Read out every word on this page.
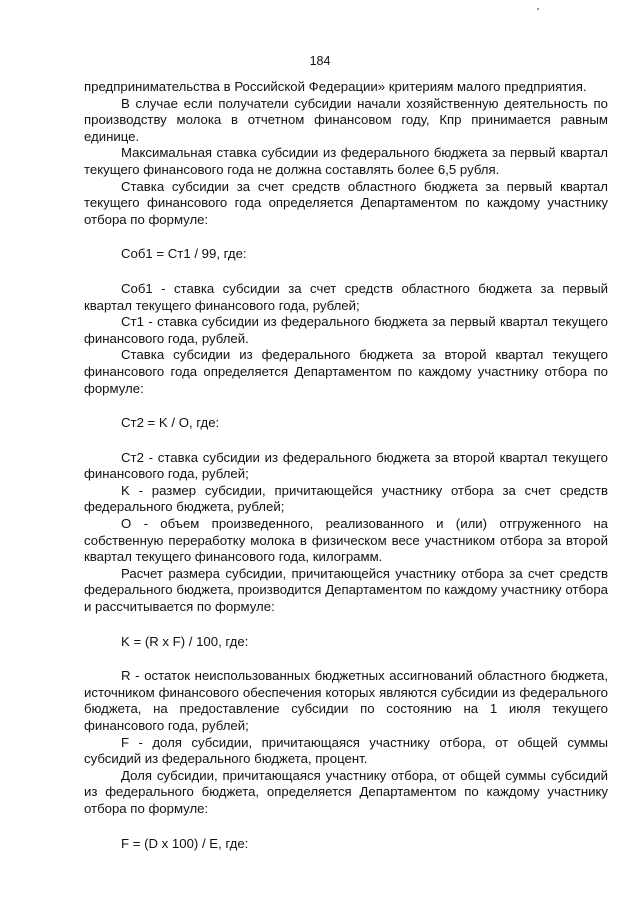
184

предпринимательства в Российской Федерации» критериям малого предприятия.

В случае если получатели субсидии начали хозяйственную деятельность по производству молока в отчетном финансовом году, Кпр принимается равным единице.

Максимальная ставка субсидии из федерального бюджета за первый квартал текущего финансового года не должна составлять более 6,5 рубля.

Ставка субсидии за счет средств областного бюджета за первый квартал текущего финансового года определяется Департаментом по каждому участнику отбора по формуле:

Соб1 = Ст1 / 99, где:

Соб1 - ставка субсидии за счет средств областного бюджета за первый квартал текущего финансового года, рублей;

Ст1 - ставка субсидии из федерального бюджета за первый квартал текущего финансового года, рублей.

Ставка субсидии из федерального бюджета за второй квартал текущего финансового года определяется Департаментом по каждому участнику отбора по формуле:

Ст2 = K / O, где:

Ст2 - ставка субсидии из федерального бюджета за второй квартал текущего финансового года, рублей;

K - размер субсидии, причитающейся участнику отбора за счет средств федерального бюджета, рублей;

O - объем произведенного, реализованного и (или) отгруженного на собственную переработку молока в физическом весе участником отбора за второй квартал текущего финансового года, килограмм.

Расчет размера субсидии, причитающейся участнику отбора за счет средств федерального бюджета, производится Департаментом по каждому участнику отбора и рассчитывается по формуле:

K = (R x F) / 100, где:

R - остаток неиспользованных бюджетных ассигнований областного бюджета, источником финансового обеспечения которых являются субсидии из федерального бюджета, на предоставление субсидии по состоянию на 1 июля текущего финансового года, рублей;

F - доля субсидии, причитающаяся участнику отбора, от общей суммы субсидий из федерального бюджета, процент.

Доля субсидии, причитающаяся участнику отбора, от общей суммы субсидий из федерального бюджета, определяется Департаментом по каждому участнику отбора по формуле:

F = (D x 100) / E, где:
